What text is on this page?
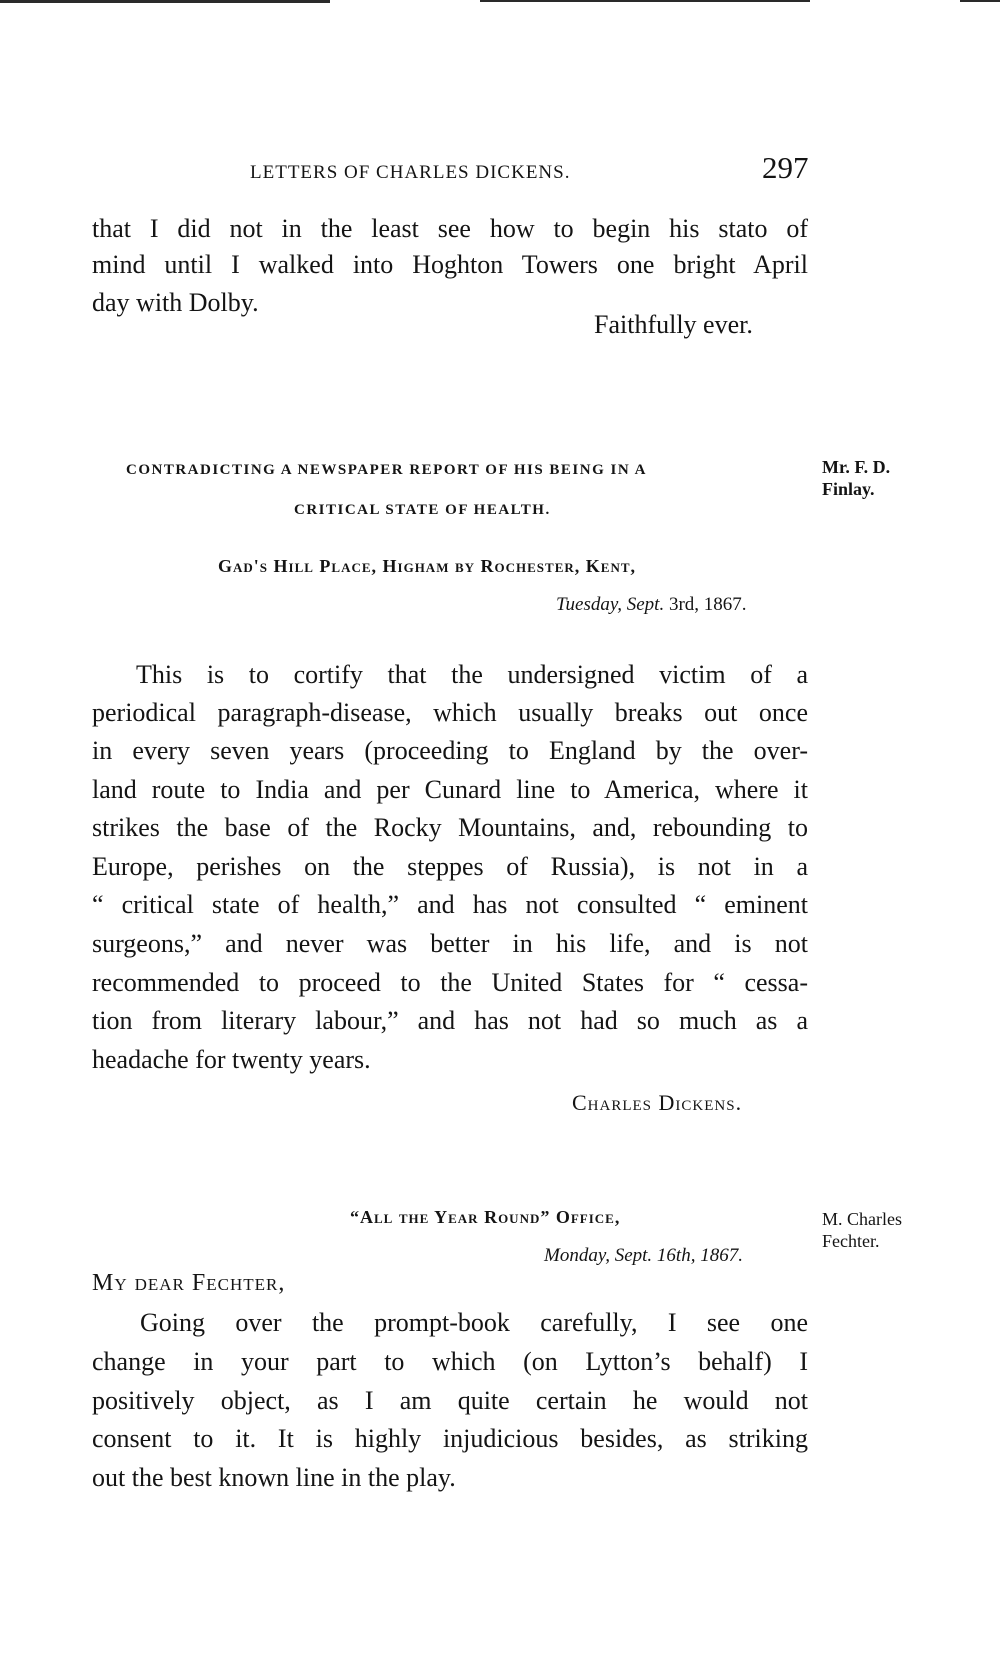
LETTERS OF CHARLES DICKENS.	297
that I did not in the least see how to begin his stato of
mind until I walked into Hoghton Towers one bright April
day with Dolby.
Faithfully ever.
CONTRADICTING A NEWSPAPER REPORT OF HIS BEING IN A
CRITICAL STATE OF HEALTH.
Mr. F. D.
Finlay.
Gad's Hill Place, Higham by Rochester, Kent,
Tuesday, Sept. 3rd, 1867.
This is to cortify that the undersigned victim of a
periodical paragraph-disease, which usually breaks out once
in every seven years (proceeding to England by the over-
land route to India and per Cunard line to America, where it
strikes the base of the Rocky Mountains, and, rebounding to
Europe, perishes on the steppes of Russia), is not in a
“ critical state of health,” and has not consulted “ eminent
surgeons,” and never was better in his life, and is not
recommended to proceed to the United States for “ cessa-
tion from literary labour,” and has not had so much as a
headache for twenty years.
Charles Dickens.
“All the Year Round” Office,
Monday, Sept. 16th, 1867.
M. Charles
Fechter.
My dear Fechter,
Going over the prompt-book carefully, I see one
change in your part to which (on Lytton’s behalf) I
positively object, as I am quite certain he would not
consent to it. It is highly injudicious besides, as striking
out the best known line in the play.
